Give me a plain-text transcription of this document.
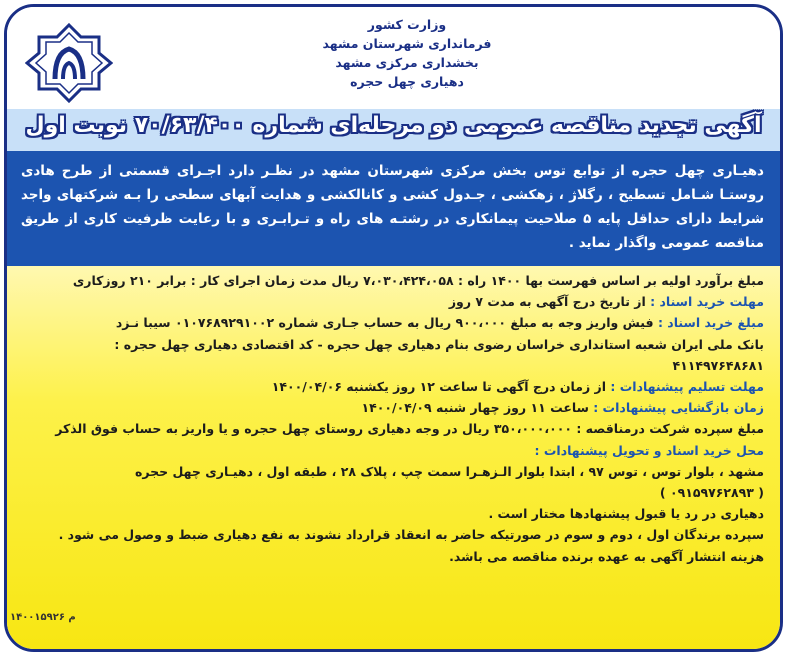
وزارت کشور
فرمانداری شهرستان مشهد
بخشداری مرکزی مشهد
دهیاری چهل حجره
آگهی تجدید مناقصه عمومی دو مرحله‌ای شماره ۷۰/۶۳/۴۰۰ نوبت اول
دهیـاری چهل حجره از توابع توس بخش مرکزی شهرستان مشهد در نظـر دارد اجـرای قسمتی از طرح هادی روستـا شـامل تسطیح ، رگلاژ ، زهکشی ، جـدول کشی و کانالکشی و هدایت آبهای سطحی را بـه شرکتهای واجد شرایط دارای حداقل پایه ۵ صلاحیت پیمانکاری در رشتـه های راه و تـرابـری و با رعایت ظرفیت کاری از طریق مناقصه عمومی واگذار نماید .
مبلغ برآورد اولیه بر اساس فهرست بها ۱۴۰۰ راه : ۷،۰۳۰،۴۲۴،۰۵۸ ریال مدت زمان اجرای کار : برابر ۲۱۰ روزکاری
مهلت خرید اسناد : از تاریخ درج آگهی به مدت ۷ روز
مبلغ خرید اسناد : فیش واریز وجه به مبلغ ۹۰۰،۰۰۰ ریال به حساب جـاری شماره ۰۱۰۷۶۸۹۲۹۱۰۰۲ سیبا نـزد
بانک ملی ایران شعبه استانداری خراسان رضوی بنام دهیاری چهل حجره - کد اقتصادی دهیاری چهل حجره :
۴۱۱۴۹۷۶۴۸۶۸۱
مهلت تسلیم پیشنهادات : از زمان درج آگهی تا ساعت ۱۲ روز یکشنبه ۱۴۰۰/۰۴/۰۶
زمان بازگشایی پیشنهادات : ساعت ۱۱ روز چهار شنبه ۱۴۰۰/۰۴/۰۹
مبلغ سپرده شرکت درمناقصه : ۳۵۰،۰۰۰،۰۰۰ ریال در وجه دهیاری روستای چهل حجره و یا واریز به حساب فوق الذکر
محل خرید اسناد و تحویل پیشنهادات :
مشهد ، بلوار توس ، توس ۹۷ ، ابتدا بلوار الـزهـرا سمت چپ ، پلاک ۲۸ ، طبقه اول ، دهیـاری چهل حجره
( ۰۹۱۵۹۷۶۲۸۹۳ )
دهیاری در رد یا قبول پیشنهادها مختار است .
سپرده برندگان اول ، دوم و سوم در صورتیکه حاضر به انعقاد قرارداد نشوند به نفع دهیاری ضبط و وصول می شود .
هزینه انتشار آگهی به عهده برنده مناقصه می باشد.
۱۴۰۰۱۵۹۲۶ م
